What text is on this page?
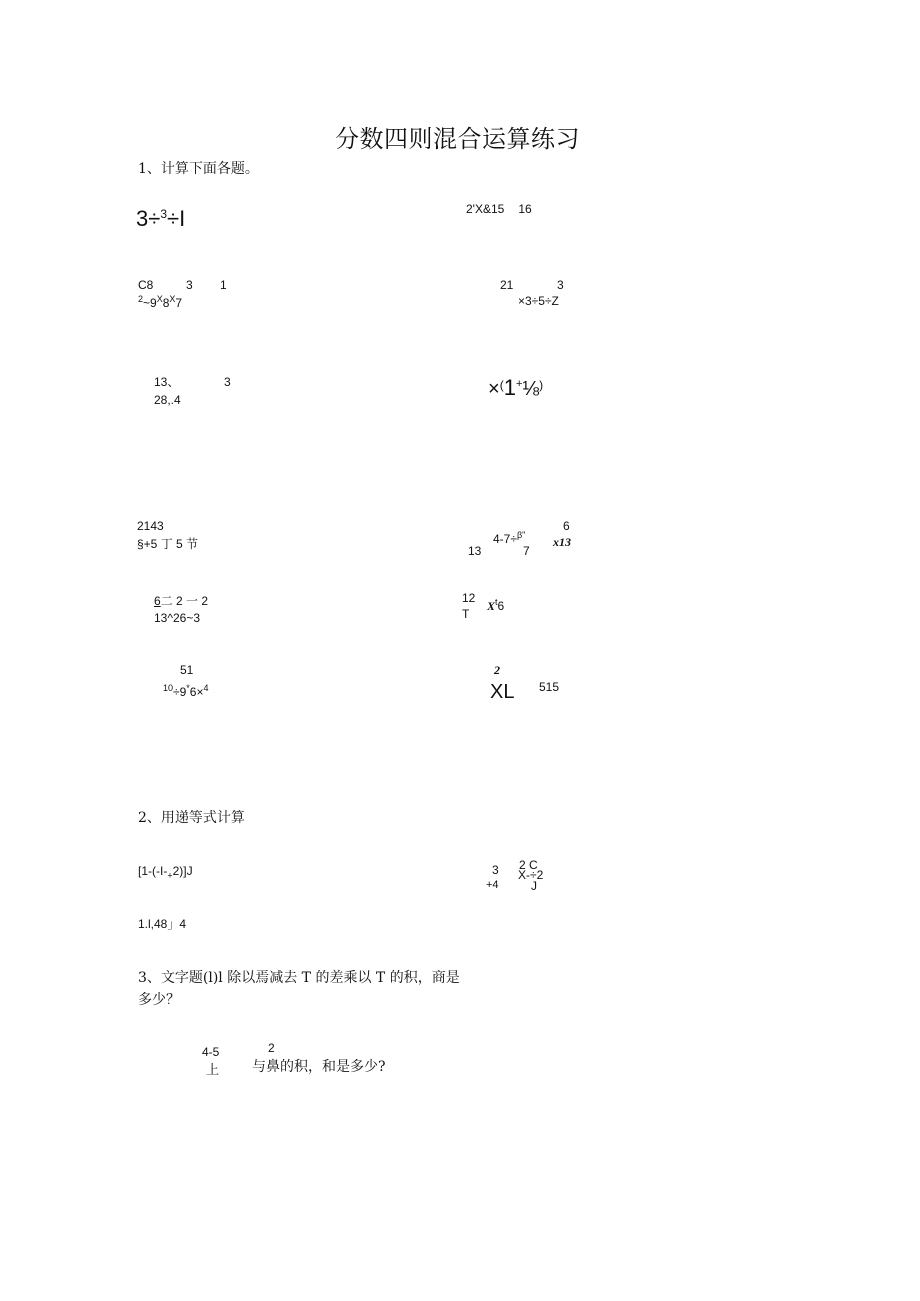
分数四则混合运算练习
1、计算下面各题。
3÷$^3$÷I	2'X&15 16
C8	3 1
$^2\sim 9^X8^X7$
21	3
×3÷5÷Z
13、	3
28,.4	×(1+⅛)
2143
§+5 丁 5 节
6
4-7÷$^{\beta"}$
13	7
x13
6二 2 一 2
13^26~3
12
T
$X^t6$
51
$^{10}$÷9*6×$^4$
2
XL 515
2、用递等式计算
$[1-(-I-_+2)]J$	3
+4
2 C
X-÷2
J
1.l,48」4
3、文字题(l)l 除以焉减去 T 的差乘以 T 的积，商是
多少？
4-5
上
2
与鼻的积，和是多少?
